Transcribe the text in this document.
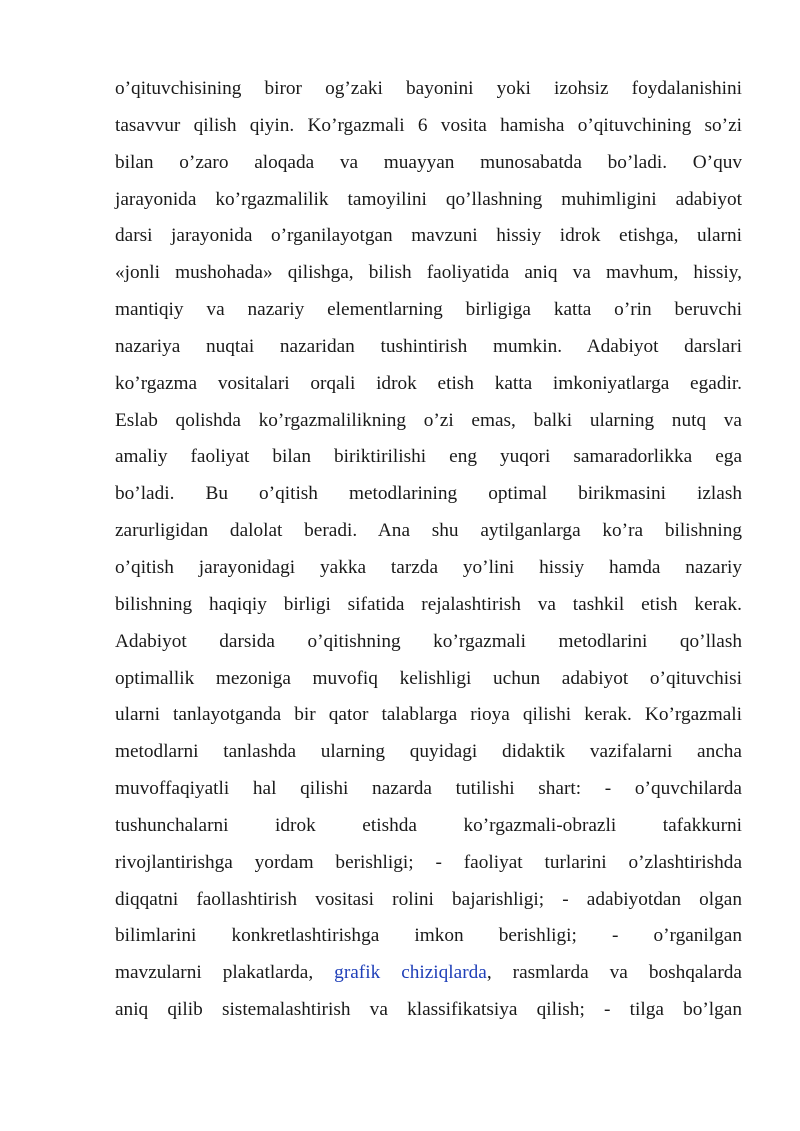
o’qituvchisining biror og’zaki bayonini yoki izohsiz foydalanishini
tasavvur qilish qiyin. Ko’rgazmali 6 vosita hamisha o’qituvchining so’zi
bilan o’zaro aloqada va muayyan munosabatda bo’ladi. O’quv
jarayonida ko’rgazmalilik tamoyilini qo’llashning muhimligini adabiyot
darsi jarayonida o’rganilayotgan mavzuni hissiy idrok etishga, ularni
«jonli mushohada» qilishga, bilish faoliyatida aniq va mavhum, hissiy,
mantiqiy va nazariy elementlarning birligiga katta o’rin beruvchi
nazariya nuqtai nazaridan tushintirish mumkin. Adabiyot darslari
ko’rgazma vositalari orqali idrok etish katta imkoniyatlarga egadir.
Eslab qolishda ko’rgazmalilikning o’zi emas, balki ularning nutq va
amaliy faoliyat bilan biriktirilishi eng yuqori samaradorlikka ega
bo’ladi. Bu o’qitish metodlarining optimal birikmasini izlash
zarurligidan dalolat beradi. Ana shu aytilganlarga ko’ra bilishning
o’qitish jarayonidagi yakka tarzda yo’lini hissiy hamda nazariy
bilishning haqiqiy birligi sifatida rejalashtirish va tashkil etish kerak.
Adabiyot darsida o’qitishning ko’rgazmali metodlarini qo’llash
optimallik mezoniga muvofiq kelishligi uchun adabiyot o’qituvchisi
ularni tanlayotganda bir qator talablarga rioya qilishi kerak. Ko’rgazmali
metodlarni tanlashda ularning quyidagi didaktik vazifalarni ancha
muvoffaqiyatli hal qilishi nazarda tutilishi shart: - o’quvchilarda
tushunchalarni idrok etishda ko’rgazmali-obrazli tafakkurni
rivojlantirishga yordam berishligi; - faoliyat turlarini o’zlashtirishda
diqqatni faollashtirish vositasi rolini bajarishligi; - adabiyotdan olgan
bilimlarini konkretlashtirishga imkon berishligi; - o’rganilgan
mavzularni plakatlarda, grafik chiziqlarda, rasmlarda va boshqalarda
aniq qilib sistemalashtirish va klassifikatsiya qilish; - tilga bo’lgan
